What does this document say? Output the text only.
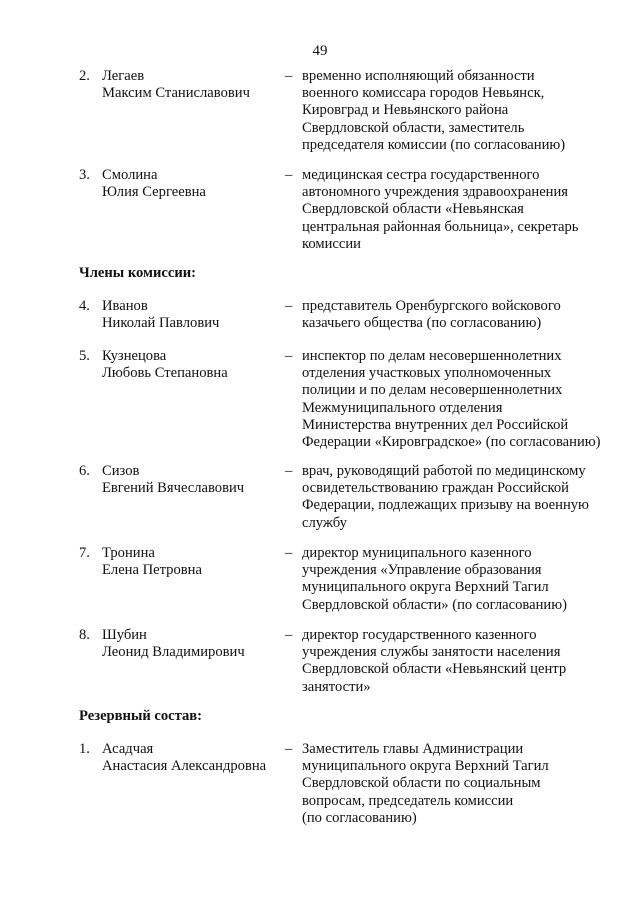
49
2. Легаев
Максим Станиславович
– временно исполняющий обязанности
военного комиссара городов Невьянск,
Кировград и Невьянского района
Свердловской области, заместитель
председателя комиссии (по согласованию)
3. Смолина
Юлия Сергеевна
– медицинская сестра государственного
автономного учреждения здравоохранения
Свердловской области «Невьянская
центральная районная больница», секретарь
комиссии
Члены комиссии:
4. Иванов
Николай Павлович
– представитель Оренбургского войскового
казачьего общества (по согласованию)
5. Кузнецова
Любовь Степановна
– инспектор по делам несовершеннолетних
отделения участковых уполномоченных
полиции и по делам несовершеннолетних
Межмуниципального отделения
Министерства внутренних дел Российской
Федерации «Кировградское» (по согласованию)
6. Сизов
Евгений Вячеславович
– врач, руководящий работой по медицинскому
освидетельствованию граждан Российской
Федерации, подлежащих призыву на военную
службу
7. Тронина
Елена Петровна
– директор муниципального казенного
учреждения «Управление образования
муниципального округа Верхний Тагил
Свердловской области» (по согласованию)
8. Шубин
Леонид Владимирович
– директор государственного казенного
учреждения службы занятости населения
Свердловской области «Невьянский центр
занятости»
Резервный состав:
1. Асадчая
Анастасия Александровна
– Заместитель главы Администрации
муниципального округа Верхний Тагил
Свердловской области по социальным
вопросам, председатель комиссии
(по согласованию)
